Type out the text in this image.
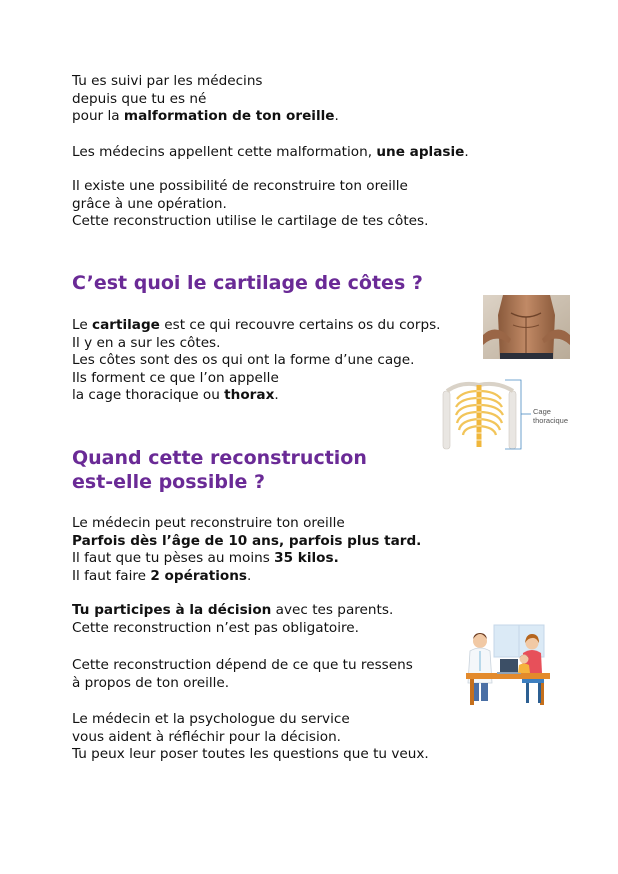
Tu es suivi par les médecins
depuis que tu es né
pour la malformation de ton oreille.

Les médecins appellent cette malformation, une aplasie.

Il existe une possibilité de reconstruire ton oreille
grâce à une opération.
Cette reconstruction utilise le cartilage de tes côtes.

C’est quoi le cartilage de côtes ?

Le cartilage est ce qui recouvre certains os du corps.
Il y en a sur les côtes.
Les côtes sont des os qui ont la forme d’une cage.
Ils forment ce que l’on appelle
la cage thoracique ou thorax.

Cage
thoracique
Quand cette reconstruction
est-elle possible ?

Le médecin peut reconstruire ton oreille
Parfois dès l’âge de 10 ans, parfois plus tard.
Il faut que tu pèses au moins 35 kilos.
Il faut faire 2 opérations.

Tu participes à la décision avec tes parents.
Cette reconstruction n’est pas obligatoire.

Cette reconstruction dépend de ce que tu ressens
à propos de ton oreille.

Le médecin et la psychologue du service
vous aident à réfléchir pour la décision.
Tu peux leur poser toutes les questions que tu veux.
